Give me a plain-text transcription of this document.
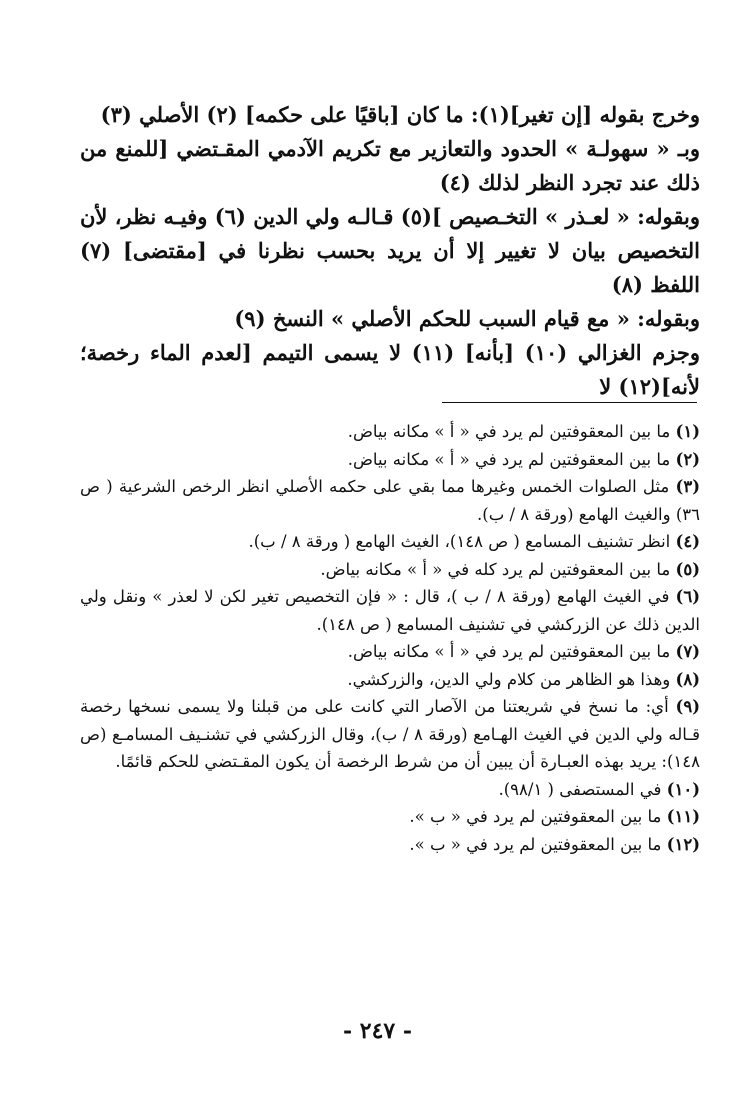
وخرج بقوله [إن تغير](١): ما كان [باقيًا على حكمه] (٢) الأصلي (٣)

وبـ « سهولـة » الحدود والتعازير مع تكريم الآدمي المقـتضي [للمنع من ذلك عند تجرد النظر لذلك (٤)

وبقوله: « لعـذر » التخـصيص ](٥) قـالـه ولي الدين (٦) وفيـه نظر، لأن التخصيص بيان لا تغيير إلا أن يريد بحسب نظرنا في [مقتضى] (٧) اللفظ (٨)

وبقوله: « مع قيام السبب للحكم الأصلي » النسخ (٩)

وجزم الغزالي (١٠) [بأنه] (١١) لا يسمى التيمم [لعدم الماء رخصة؛ لأنه](١٢) لا

(١) ما بين المعقوفتين لم يرد في « أ » مكانه بياض.
(٢) ما بين المعقوفتين لم يرد في « أ » مكانه بياض.
(٣) مثل الصلوات الخمس وغيرها مما بقي على حكمه الأصلي انظر الرخص الشرعية ( ص ٣٦) والغيث الهامع (ورقة ٨ / ب).
(٤) انظر تشنيف المسامع ( ص ١٤٨)، الغيث الهامع ( ورقة ٨ / ب).
(٥) ما بين المعقوفتين لم يرد كله في « أ » مكانه بياض.
(٦) في الغيث الهامع (ورقة ٨ / ب )، قال : « فإن التخصيص تغير لكن لا لعذر » ونقل ولي الدين ذلك عن الزركشي في تشنيف المسامع ( ص ١٤٨).
(٧) ما بين المعقوفتين لم يرد في « أ » مكانه بياض.
(٨) وهذا هو الظاهر من كلام ولي الدين، والزركشي.
(٩) أي: ما نسخ في شريعتنا من الآصار التي كانت على من قبلنا ولا يسمى نسخها رخصة قـاله ولي الدين في الغيث الهـامع (ورقة ٨ / ب)، وقال الزركشي في تشنـيف المسامـع (ص ١٤٨): يريد بهذه العبـارة أن يبين أن من شرط الرخصة أن يكون المقـتضي للحكم قائمًا.
(١٠) في المستصفى ( ٩٨/١).
(١١) ما بين المعقوفتين لم يرد في « ب ».
(١٢) ما بين المعقوفتين لم يرد في « ب ».
- ٢٤٧ -
